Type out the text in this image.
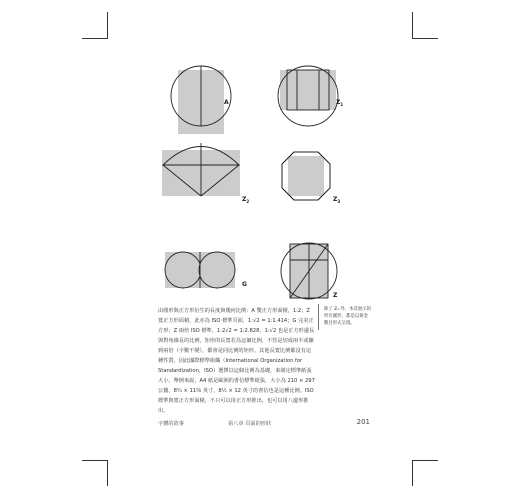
A	$Z_1$
$Z_2$	$Z_3$
G
Z

由圓形與正方形衍生的長度與幾何比例：A 雙正方形面積，1:2；Z 寬正方形面積，此亦為 ISO 標準頁面，1:√2 = 1:1.414；G 完美正方形；Z 兩倍 ISO 標準，1:2√2 = 1:2.828，1:√2 也是正方形邊長與對角線長的比例，矩形的長寬若為這個比例，不管是切成兩半或擴到兩倍（字數不變），都會是同比例的矩形。其他長寬比例都沒有這種性質，因此國際標準組織（International Organization for Standardization，ISO）選擇以這個比例為基礎，來制定標準紙張大小，舉例來說，A4 紙是歐洲的書信標準紙張，大小為 210 × 297 公釐，8¼ × 11⅝ 英寸，8½ × 12 英寸的書信也是這種比例。ISO 標準與寬正方形面積，不只可以用正方形推出，也可以用八邊形推出。

除了 Z₁ 外，本頁展示的所有圖形，都是以黃金數目形式呈現。

字體的故事	第八章 頁面的形狀	201
